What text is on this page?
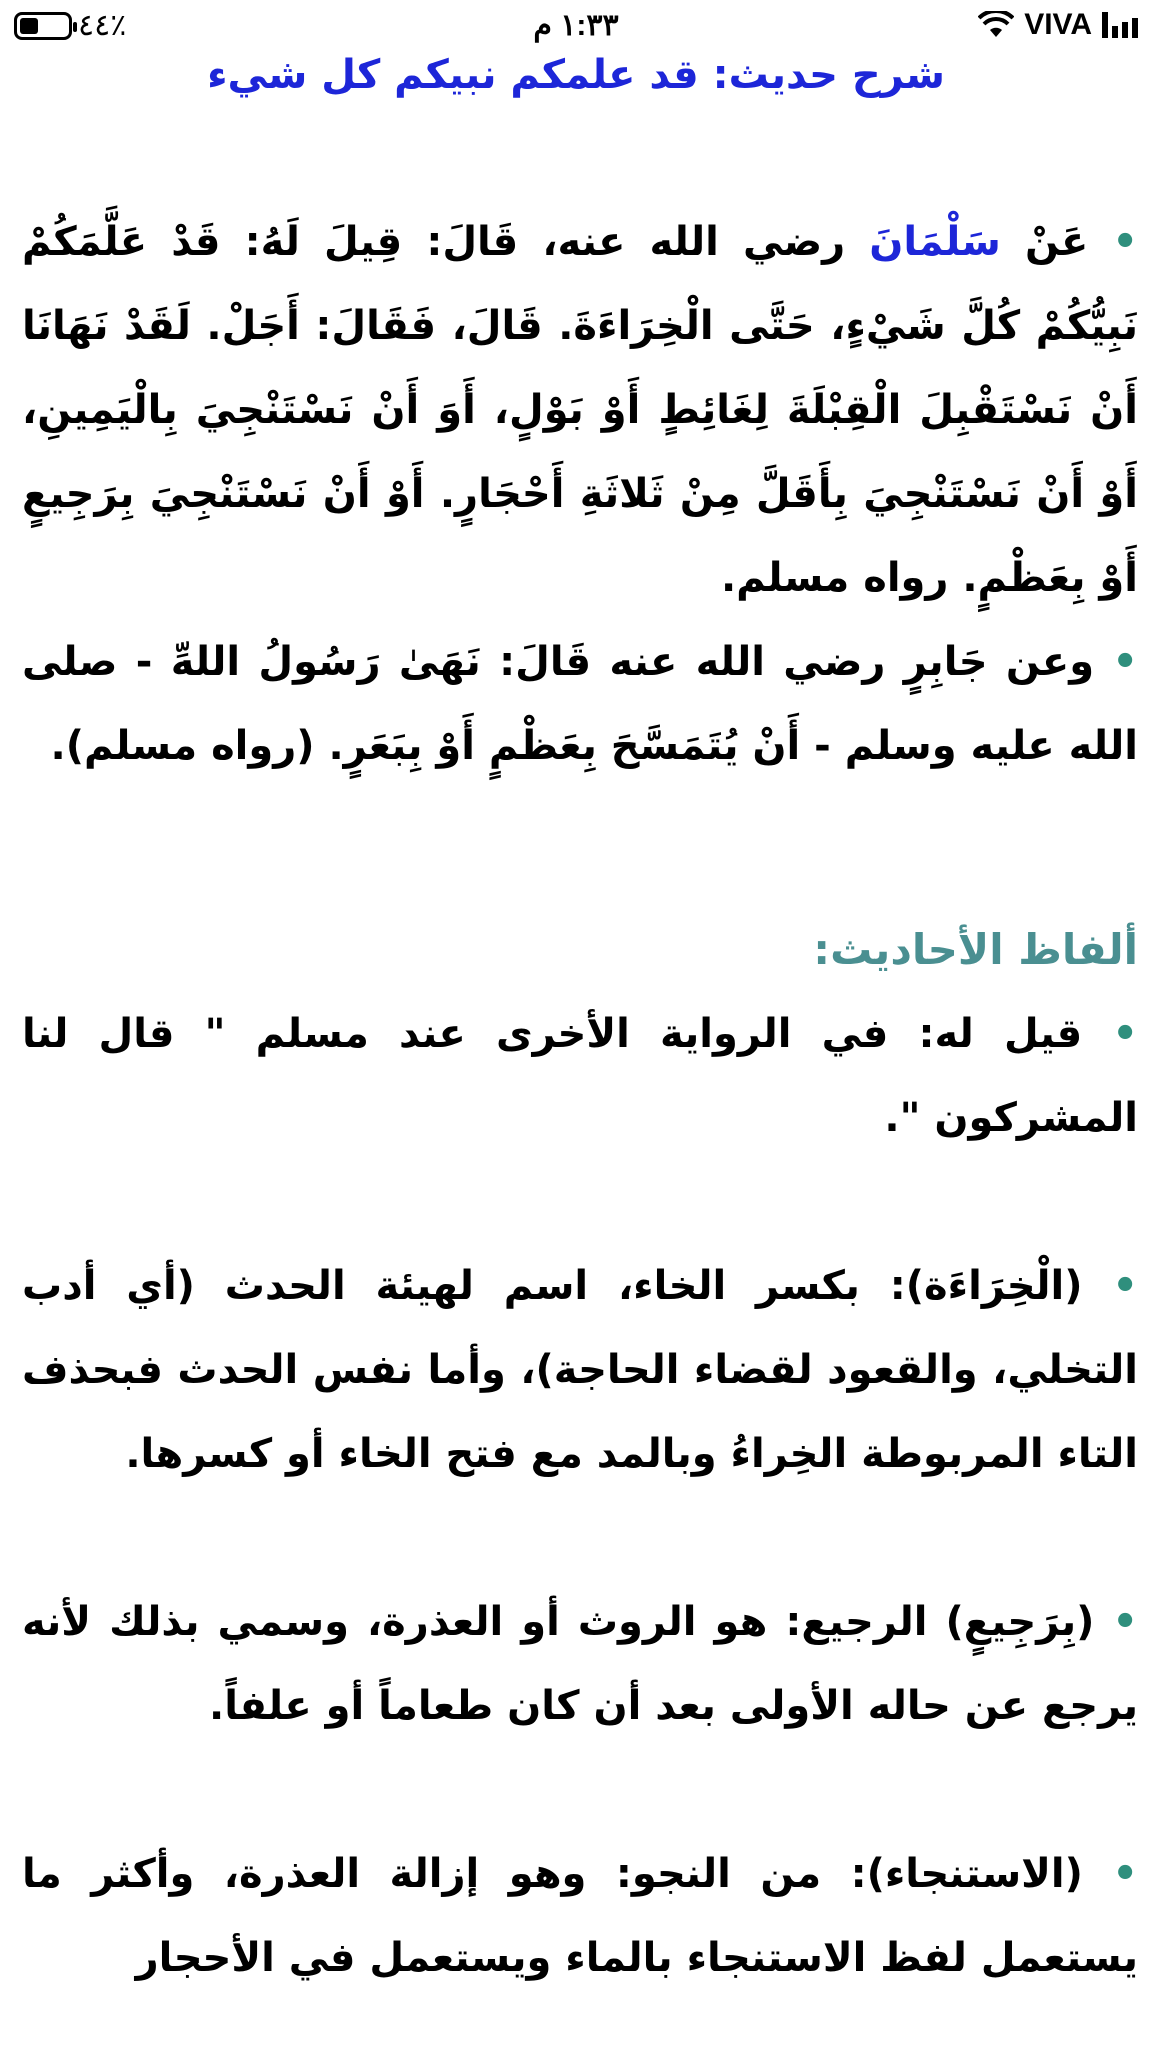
٤٤٪	١:٣٣ م	VIVA
شرح حديث: قد علمكم نبيكم كل شيء

• عَنْ سَلْمَانَ رضي الله عنه، قَالَ: قِيلَ لَهُ: قَدْ عَلَّمَكُمْ نَبِيُّكُمْ كُلَّ شَيْءٍ، حَتَّى الْخِرَاءَةَ. قَالَ، فَقَالَ: أَجَلْ. لَقَدْ نَهَانَا أَنْ نَسْتَقْبِلَ الْقِبْلَةَ لِغَائِطٍ أَوْ بَوْلٍ، أَوَ أَنْ نَسْتَنْجِيَ بِالْيَمِينِ، أَوْ أَنْ نَسْتَنْجِيَ بِأَقَلَّ مِنْ ثَلاثَةِ أَحْجَارٍ. أَوْ أَنْ نَسْتَنْجِيَ بِرَجِيعٍ أَوْ بِعَظْمٍ. رواه مسلم.

• وعن جَابِرٍ رضي الله عنه قَالَ: نَهَىٰ رَسُولُ اللهِّ - صلى الله عليه وسلم - أَنْ يُتَمَسَّحَ بِعَظْمٍ أَوْ بِبَعَرٍ. (رواه مسلم).

ألفاظ الأحاديث:

• قيل له: في الرواية الأخرى عند مسلم " قال لنا المشركون ".

• (الْخِرَاءَة): بكسر الخاء، اسم لهيئة الحدث (أي أدب التخلي، والقعود لقضاء الحاجة)، وأما نفس الحدث فبحذف التاء المربوطة الخِراءُ وبالمد مع فتح الخاء أو كسرها.

• (بِرَجِيعٍ) الرجيع: هو الروث أو العذرة، وسمي بذلك لأنه يرجع عن حاله الأولى بعد أن كان طعاماً أو علفاً.

• (الاستنجاء): من النجو: وهو إزالة العذرة، وأكثر ما يستعمل لفظ الاستنجاء بالماء ويستعمل في الأحجار
